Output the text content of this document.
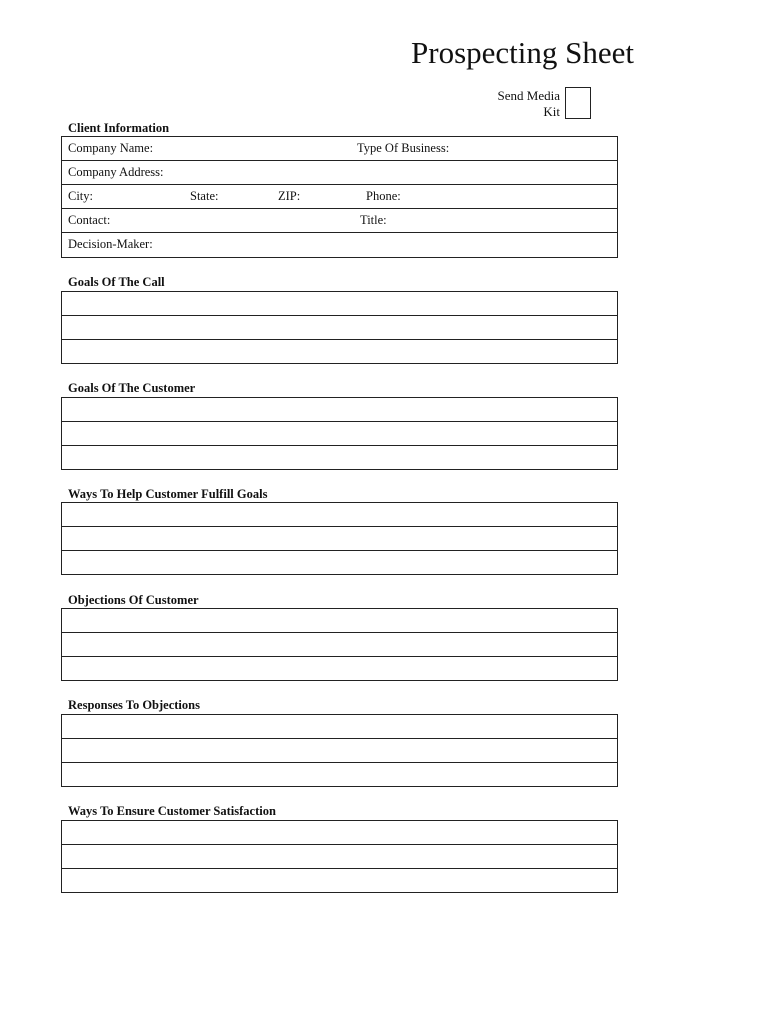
Prospecting Sheet
Send Media
Kit
Client Information
Company Name:	Type Of Business:
Company Address:
City:	State:	ZIP:	Phone:
Contact:	Title:
Decision-Maker:
Goals Of The Call
Goals Of The Customer
Ways To Help Customer Fulfill Goals
Objections Of Customer
Responses To Objections
Ways To Ensure Customer Satisfaction
